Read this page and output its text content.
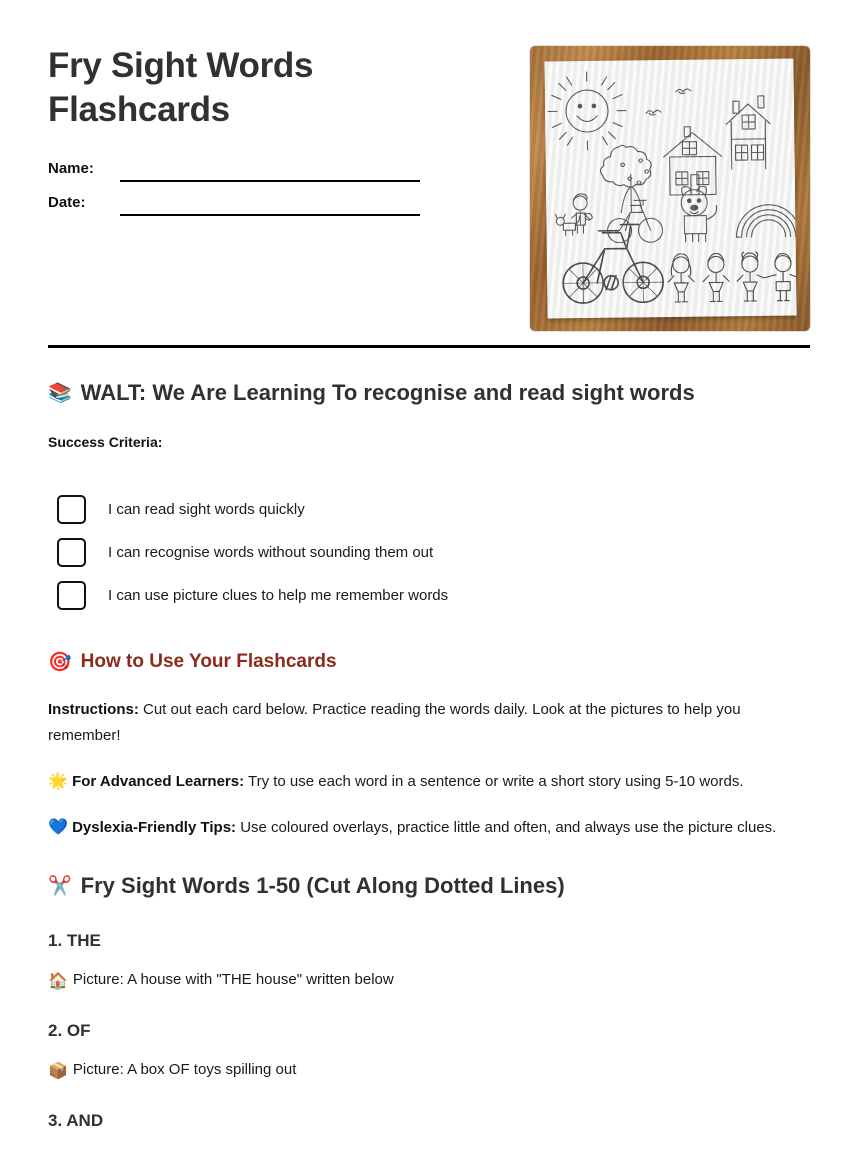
Fry Sight Words Flashcards
Name:
Date:
📚 WALT: We Are Learning To recognise and read sight words

Success Criteria:

I can read sight words quickly
I can recognise words without sounding them out
I can use picture clues to help me remember words
🎯 How to Use Your Flashcards

Instructions: Cut out each card below. Practice reading the words daily. Look at the pictures to help you remember!

🌟 For Advanced Learners: Try to use each word in a sentence or write a short story using 5-10 words.

💙 Dyslexia-Friendly Tips: Use coloured overlays, practice little and often, and always use the picture clues.

✂️ Fry Sight Words 1-50 (Cut Along Dotted Lines)

1. THE

🏠 Picture: A house with "THE house" written below

2. OF

📦 Picture: A box OF toys spilling out

3. AND
